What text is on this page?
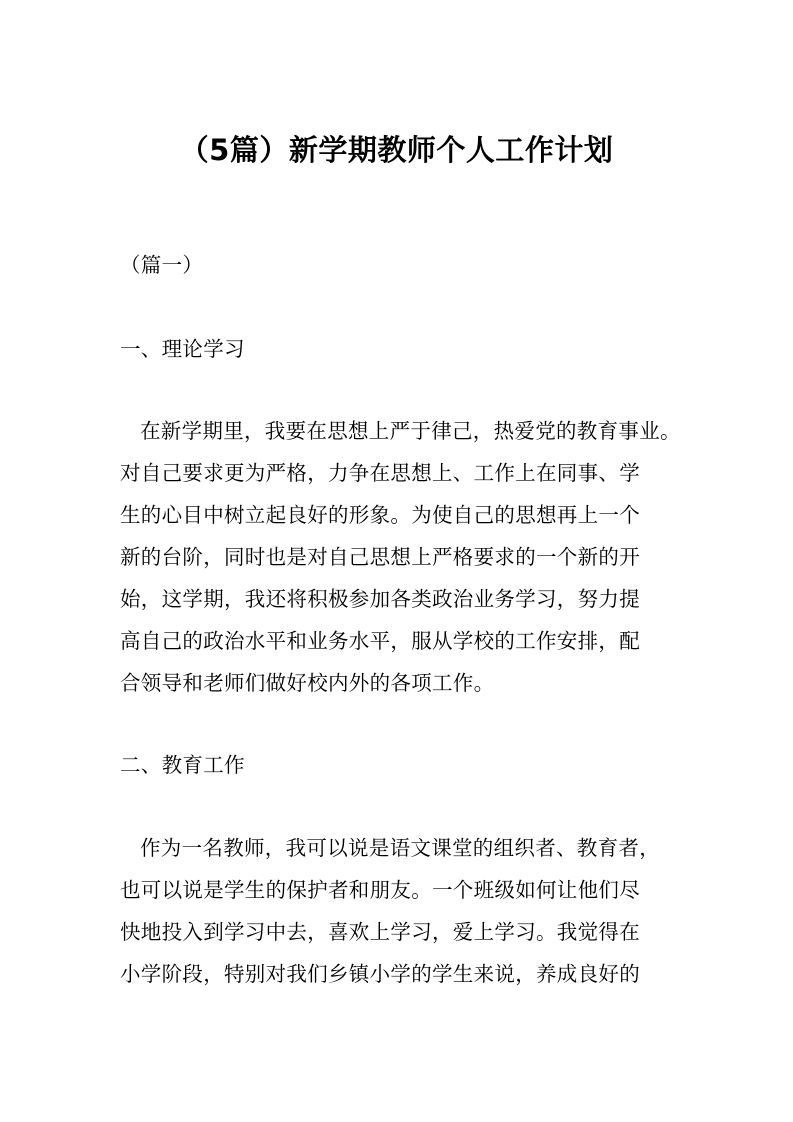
（5篇）新学期教师个人工作计划
（篇一）
一、理论学习
在新学期里，我要在思想上严于律己，热爱党的教育事业。
对自己要求更为严格，力争在思想上、工作上在同事、学
生的心目中树立起良好的形象。为使自己的思想再上一个
新的台阶，同时也是对自己思想上严格要求的一个新的开
始，这学期，我还将积极参加各类政治业务学习，努力提
高自己的政治水平和业务水平，服从学校的工作安排，配
合领导和老师们做好校内外的各项工作。
二、教育工作
作为一名教师，我可以说是语文课堂的组织者、教育者，
也可以说是学生的保护者和朋友。一个班级如何让他们尽
快地投入到学习中去，喜欢上学习，爱上学习。我觉得在
小学阶段，特别对我们乡镇小学的学生来说，养成良好的
